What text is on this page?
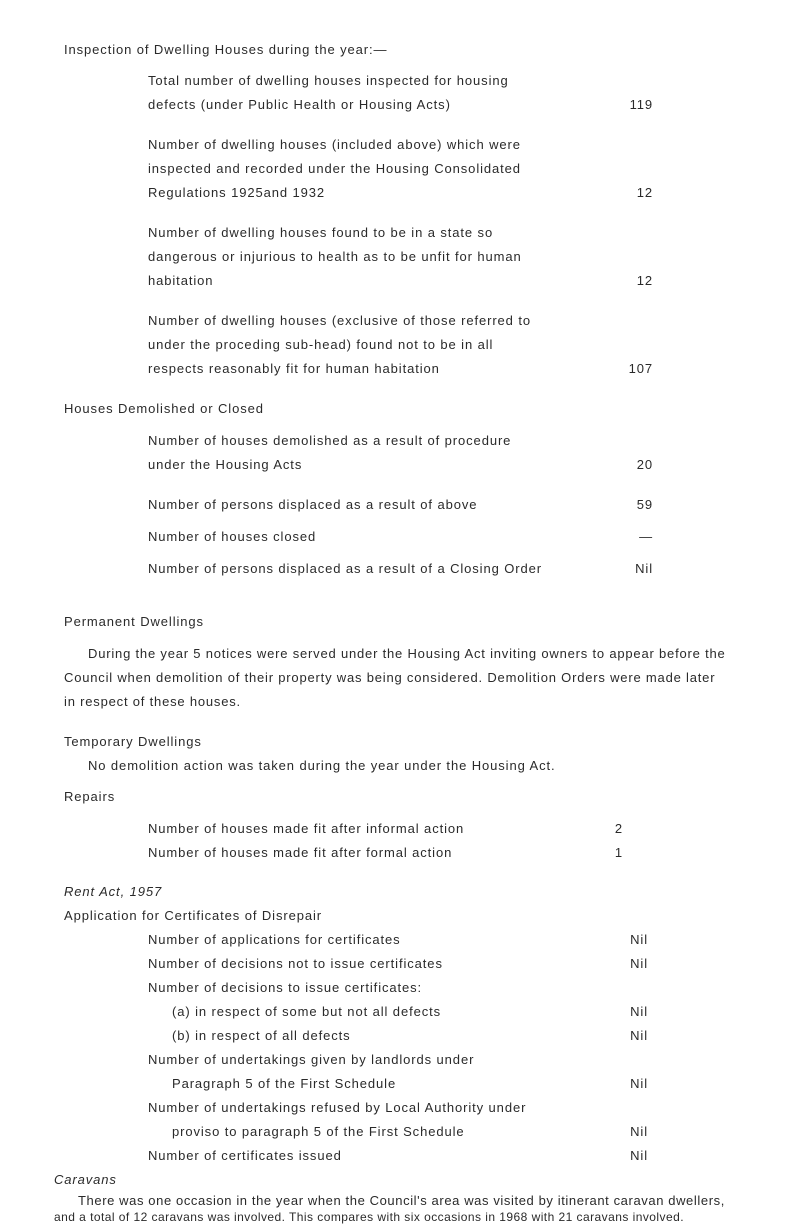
Inspection of Dwelling Houses during the year:—
Total number of dwelling houses inspected for housing
defects (under Public Health or Housing Acts)	119
Number of dwelling houses (included above) which were
inspected and recorded under the Housing Consolidated
Regulations 1925and 1932	12
Number of dwelling houses found to be in a state so
dangerous or injurious to health as to be unfit for human
habitation	12
Number of dwelling houses (exclusive of those referred to
under the proceding sub-head) found not to be in all
respects reasonably fit for human habitation	107
Houses Demolished or Closed
Number of houses demolished as a result of procedure
under the Housing Acts	20
Number of persons displaced as a result of above	59
Number of houses closed	—
Number of persons displaced as a result of a Closing Order	Nil
Permanent Dwellings
During the year 5 notices were served under the Housing Act inviting owners to appear before the
Council when demolition of their property was being considered. Demolition Orders were made later
in respect of these houses.
Temporary Dwellings
No demolition action was taken during the year under the Housing Act.
Repairs
Number of houses made fit after informal action	2
Number of houses made fit after formal action	1
Rent Act, 1957
Application for Certificates of Disrepair
Number of applications for certificates	Nil
Number of decisions not to issue certificates	Nil
Number of decisions to issue certificates:
(a) in respect of some but not all defects	Nil
(b) in respect of all defects	Nil
Number of undertakings given by landlords under
Paragraph 5 of the First Schedule	Nil
Number of undertakings refused by Local Authority under
proviso to paragraph 5 of the First Schedule	Nil
Number of certificates issued	Nil
Caravans
There was one occasion in the year when the Council's area was visited by itinerant caravan dwellers,
and a total of 12 caravans was involved. This compares with six occasions in 1968 with 21 caravans involved.
